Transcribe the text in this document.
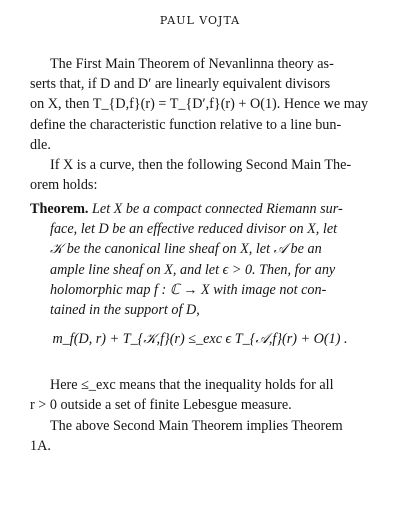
PAUL VOJTA
The First Main Theorem of Nevanlinna theory as-
serts that, if D and D′ are linearly equivalent divisors
on X, then T_{D,f}(r) = T_{D′,f}(r) + O(1). Hence we may
define the characteristic function relative to a line bun-
dle.
If X is a curve, then the following Second Main The-
orem holds:
Theorem. Let X be a compact connected Riemann sur-
face, let D be an effective reduced divisor on X, let
𝒦 be the canonical line sheaf on X, let 𝒜 be an
ample line sheaf on X, and let ϵ > 0. Then, for any
holomorphic map f : ℂ → X with image not con-
tained in the support of D,
m_f(D, r) + T_{𝒦,f}(r) ≤_exc ϵ T_{𝒜,f}(r) + O(1) .
Here ≤_exc means that the inequality holds for all
r > 0 outside a set of finite Lebesgue measure.
The above Second Main Theorem implies Theorem
1A.
